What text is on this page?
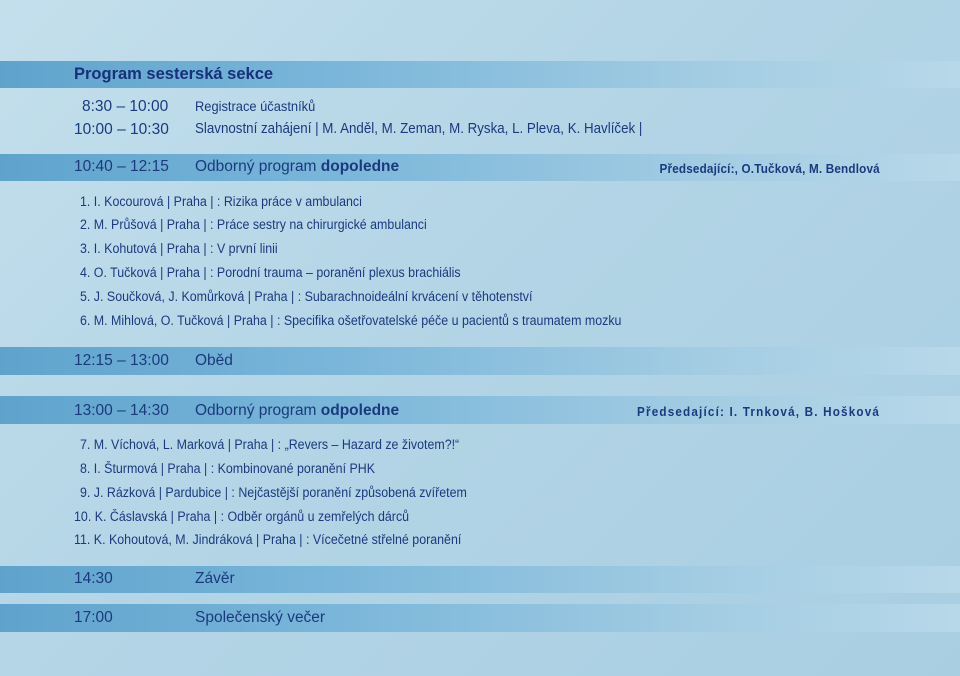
Program sesterská sekce
8:30 – 10:00 Registrace účastníků
10:00 – 10:30 Slavnostní zahájení | M. Anděl, M. Zeman, M. Ryska, L. Pleva, K. Havlíček |
10:40 – 12:15 Odborný program dopoledne	Předsedající:, O.Tučková, M. Bendlová
1. I. Kocourová | Praha | : Rizika práce v ambulanci
2. M. Průšová | Praha | : Práce sestry na chirurgické ambulanci
3. I. Kohutová | Praha | : V první linii
4. O. Tučková | Praha | : Porodní trauma – poranění plexus brachiális
5. J. Součková, J. Komůrková | Praha | : Subarachnoideální krvácení v těhotenství
6. M. Mihlová, O. Tučková | Praha | : Specifika ošetřovatelské péče u pacientů s traumatem mozku
12:15 – 13:00 Oběd
13:00 – 14:30 Odborný program odpoledne	Předsedající: I. Trnková, B. Hošková
7. M. Víchová, L. Marková | Praha | : „Revers – Hazard ze životem?!“
8. I. Šturmová | Praha | : Kombinované poranění PHK
9. J. Rázková | Pardubice | : Nejčastější poranění způsobená zvířetem
10. K. Čáslavská | Praha | : Odběr orgánů u zemřelých dárců
11. K. Kohoutová, M. Jindráková | Praha | : Vícečetné střelné poranění
14:30	Závěr
17:00	Společenský večer
